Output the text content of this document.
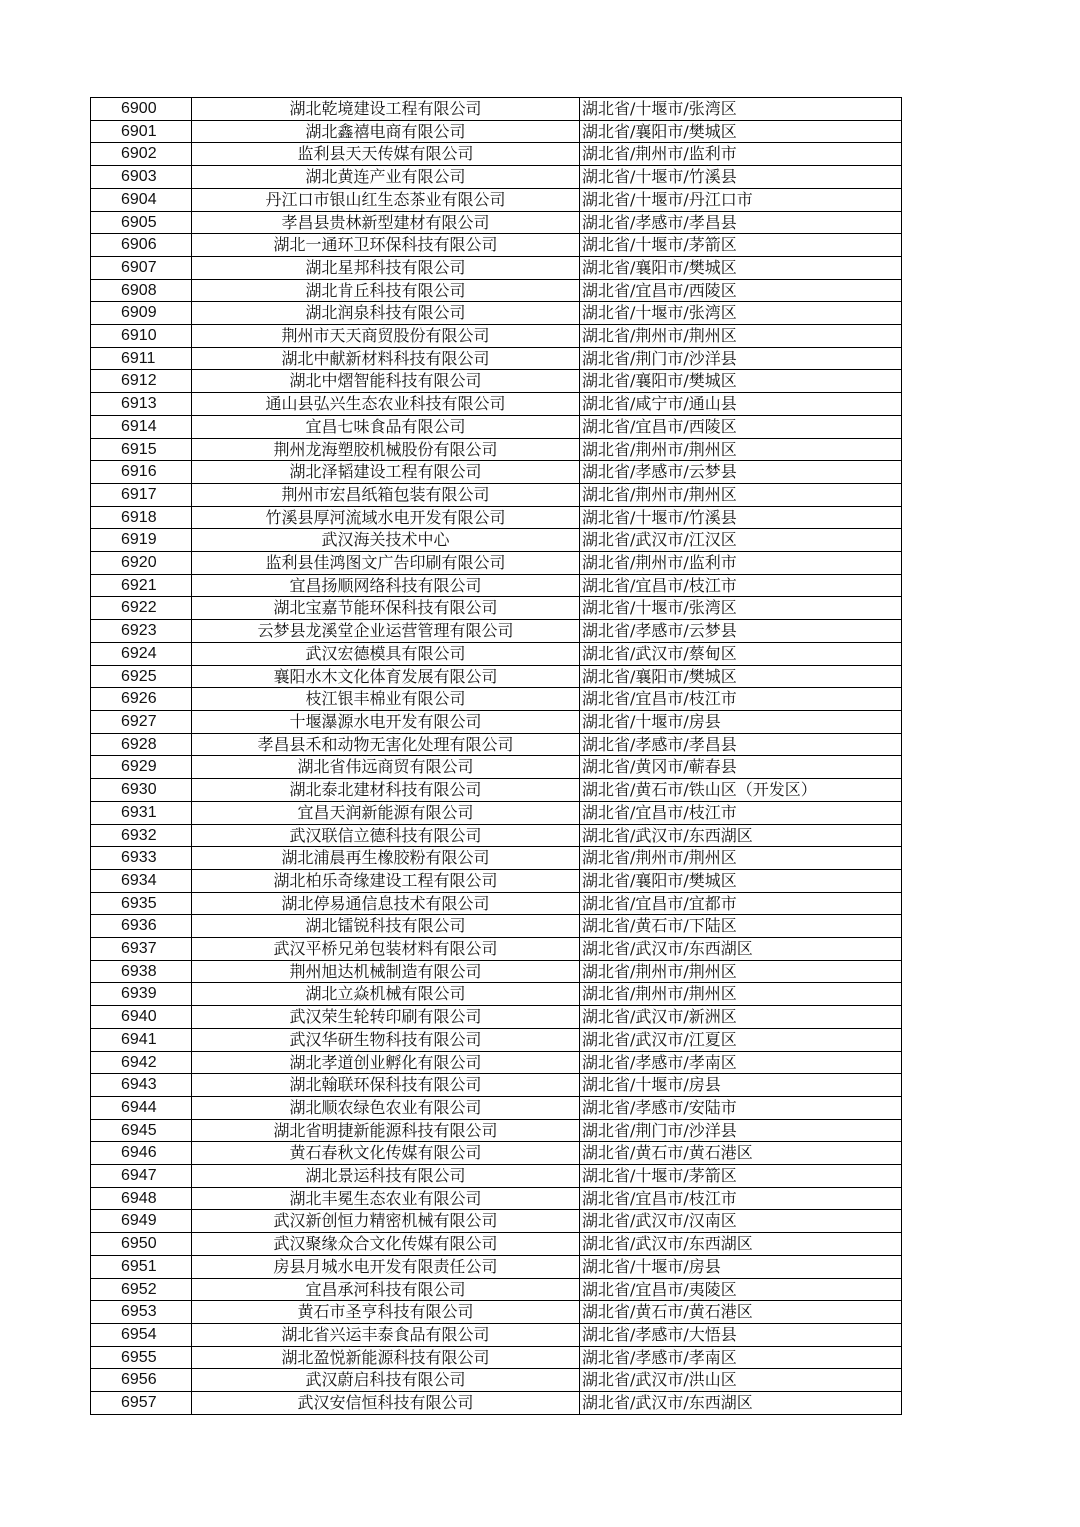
6900	湖北乾境建设工程有限公司	湖北省/十堰市/张湾区
6901	湖北鑫禧电商有限公司	湖北省/襄阳市/樊城区
6902	监利县天天传媒有限公司	湖北省/荆州市/监利市
6903	湖北黄连产业有限公司	湖北省/十堰市/竹溪县
6904	丹江口市银山红生态茶业有限公司	湖北省/十堰市/丹江口市
6905	孝昌县贵林新型建材有限公司	湖北省/孝感市/孝昌县
6906	湖北一通环卫环保科技有限公司	湖北省/十堰市/茅箭区
6907	湖北星邦科技有限公司	湖北省/襄阳市/樊城区
6908	湖北肯丘科技有限公司	湖北省/宜昌市/西陵区
6909	湖北润泉科技有限公司	湖北省/十堰市/张湾区
6910	荆州市天天商贸股份有限公司	湖北省/荆州市/荆州区
6911	湖北中献新材料科技有限公司	湖北省/荆门市/沙洋县
6912	湖北中熠智能科技有限公司	湖北省/襄阳市/樊城区
6913	通山县弘兴生态农业科技有限公司	湖北省/咸宁市/通山县
6914	宜昌七味食品有限公司	湖北省/宜昌市/西陵区
6915	荆州龙海塑胶机械股份有限公司	湖北省/荆州市/荆州区
6916	湖北泽韬建设工程有限公司	湖北省/孝感市/云梦县
6917	荆州市宏昌纸箱包装有限公司	湖北省/荆州市/荆州区
6918	竹溪县厚河流域水电开发有限公司	湖北省/十堰市/竹溪县
6919	武汉海关技术中心	湖北省/武汉市/江汉区
6920	监利县佳鸿图文广告印刷有限公司	湖北省/荆州市/监利市
6921	宜昌扬顺网络科技有限公司	湖北省/宜昌市/枝江市
6922	湖北宝嘉节能环保科技有限公司	湖北省/十堰市/张湾区
6923	云梦县龙溪堂企业运营管理有限公司	湖北省/孝感市/云梦县
6924	武汉宏德模具有限公司	湖北省/武汉市/蔡甸区
6925	襄阳水木文化体育发展有限公司	湖北省/襄阳市/樊城区
6926	枝江银丰棉业有限公司	湖北省/宜昌市/枝江市
6927	十堰瀑源水电开发有限公司	湖北省/十堰市/房县
6928	孝昌县禾和动物无害化处理有限公司	湖北省/孝感市/孝昌县
6929	湖北省伟远商贸有限公司	湖北省/黄冈市/蕲春县
6930	湖北泰北建材科技有限公司	湖北省/黄石市/铁山区（开发区）
6931	宜昌天润新能源有限公司	湖北省/宜昌市/枝江市
6932	武汉联信立德科技有限公司	湖北省/武汉市/东西湖区
6933	湖北浦晨再生橡胶粉有限公司	湖北省/荆州市/荆州区
6934	湖北柏乐奇缘建设工程有限公司	湖北省/襄阳市/樊城区
6935	湖北停易通信息技术有限公司	湖北省/宜昌市/宜都市
6936	湖北镭锐科技有限公司	湖北省/黄石市/下陆区
6937	武汉平桥兄弟包装材料有限公司	湖北省/武汉市/东西湖区
6938	荆州旭达机械制造有限公司	湖北省/荆州市/荆州区
6939	湖北立焱机械有限公司	湖北省/荆州市/荆州区
6940	武汉荣生轮转印刷有限公司	湖北省/武汉市/新洲区
6941	武汉华研生物科技有限公司	湖北省/武汉市/江夏区
6942	湖北孝道创业孵化有限公司	湖北省/孝感市/孝南区
6943	湖北翰联环保科技有限公司	湖北省/十堰市/房县
6944	湖北顺农绿色农业有限公司	湖北省/孝感市/安陆市
6945	湖北省明捷新能源科技有限公司	湖北省/荆门市/沙洋县
6946	黄石春秋文化传媒有限公司	湖北省/黄石市/黄石港区
6947	湖北景运科技有限公司	湖北省/十堰市/茅箭区
6948	湖北丰冕生态农业有限公司	湖北省/宜昌市/枝江市
6949	武汉新创恒力精密机械有限公司	湖北省/武汉市/汉南区
6950	武汉聚缘众合文化传媒有限公司	湖北省/武汉市/东西湖区
6951	房县月城水电开发有限责任公司	湖北省/十堰市/房县
6952	宜昌承河科技有限公司	湖北省/宜昌市/夷陵区
6953	黄石市圣亨科技有限公司	湖北省/黄石市/黄石港区
6954	湖北省兴运丰泰食品有限公司	湖北省/孝感市/大悟县
6955	湖北盈悦新能源科技有限公司	湖北省/孝感市/孝南区
6956	武汉蔚启科技有限公司	湖北省/武汉市/洪山区
6957	武汉安信恒科技有限公司	湖北省/武汉市/东西湖区
